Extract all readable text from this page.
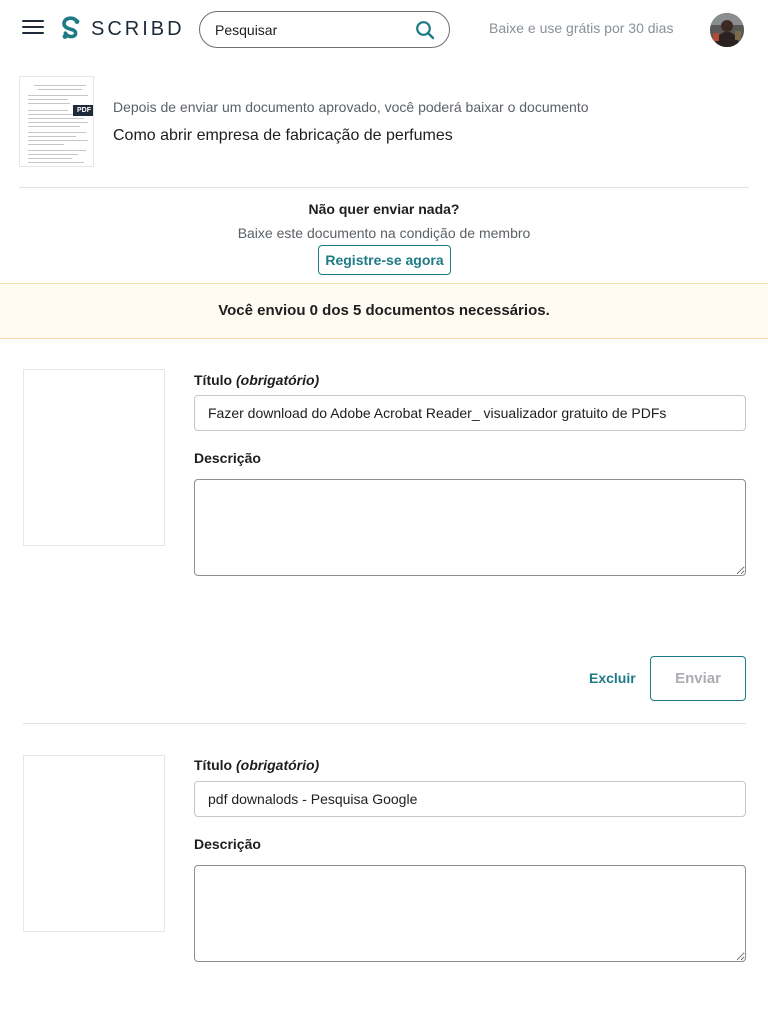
SCRIBD
Pesquisar	Baixe e use grátis por 30 dias
PDF Depois de enviar um documento aprovado, você poderá baixar o documento
Como abrir empresa de fabricação de perfumes
Não quer enviar nada?
Baixe este documento na condição de membro
Registre-se agora
Você enviou 0 dos 5 documentos necessários.
Título (obrigatório)
Fazer download do Adobe Acrobat Reader_ visualizador gratuito de PDFs
Descrição
Excluir	Enviar
Título (obrigatório)
pdf downalods - Pesquisa Google
Descrição
